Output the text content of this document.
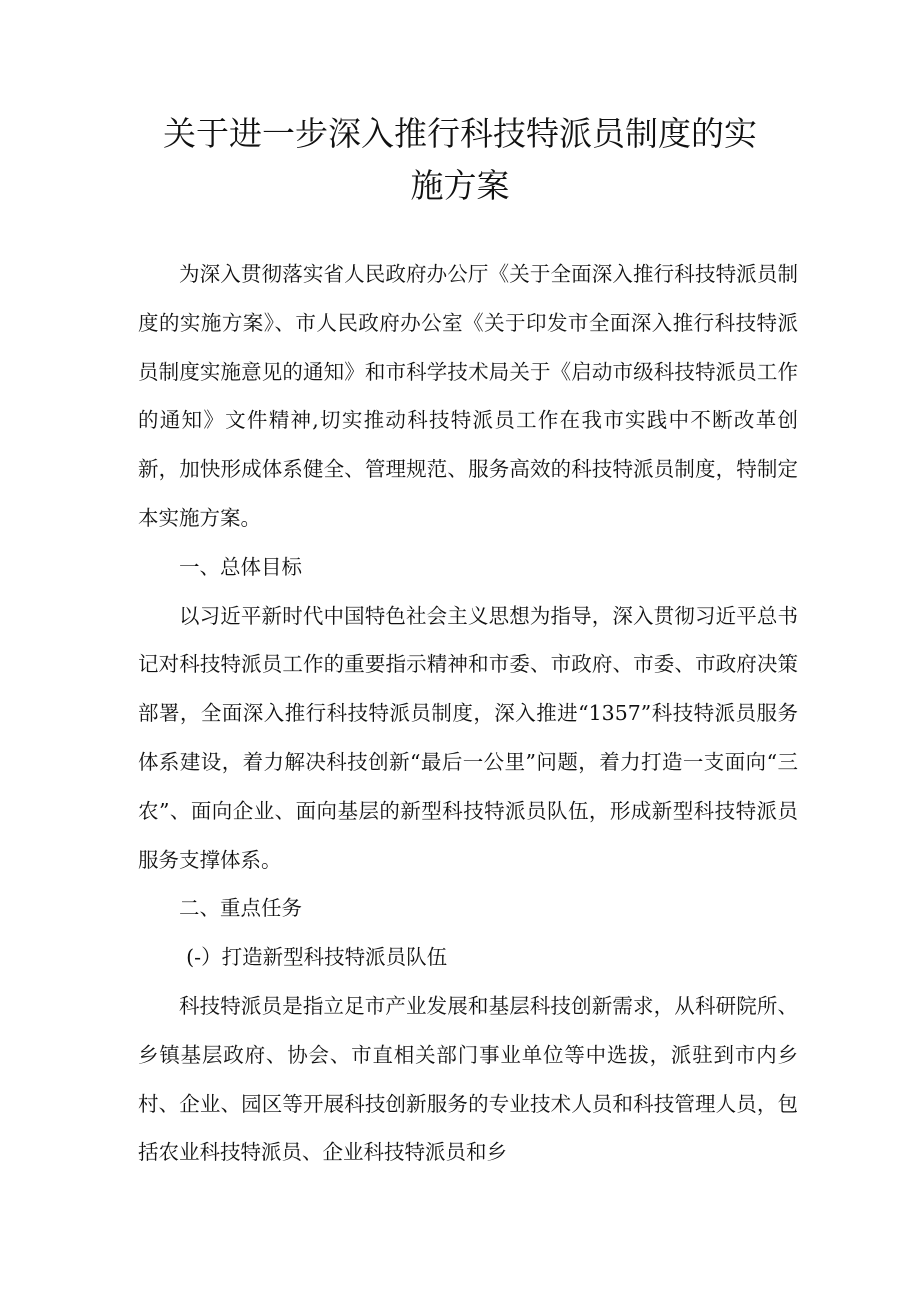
关于进一步深入推行科技特派员制度的实
施方案

为深入贯彻落实省人民政府办公厅《关于全面深入推行科技特派员制度的实施方案》、市人民政府办公室《关于印发市全面深入推行科技特派员制度实施意见的通知》和市科学技术局关于《启动市级科技特派员工作的通知》文件精神,切实推动科技特派员工作在我市实践中不断改革创新，加快形成体系健全、管理规范、服务高效的科技特派员制度，特制定本实施方案。

一、总体目标

以习近平新时代中国特色社会主义思想为指导，深入贯彻习近平总书记对科技特派员工作的重要指示精神和市委、市政府、市委、市政府决策部署，全面深入推行科技特派员制度，深入推进“1357”科技特派员服务体系建设，着力解决科技创新“最后一公里”问题，着力打造一支面向“三农”、面向企业、面向基层的新型科技特派员队伍，形成新型科技特派员服务支撑体系。

二、重点任务

(-）打造新型科技特派员队伍

科技特派员是指立足市产业发展和基层科技创新需求，从科研院所、乡镇基层政府、协会、市直相关部门事业单位等中选拔，派驻到市内乡村、企业、园区等开展科技创新服务的专业技术人员和科技管理人员，包括农业科技特派员、企业科技特派员和乡
